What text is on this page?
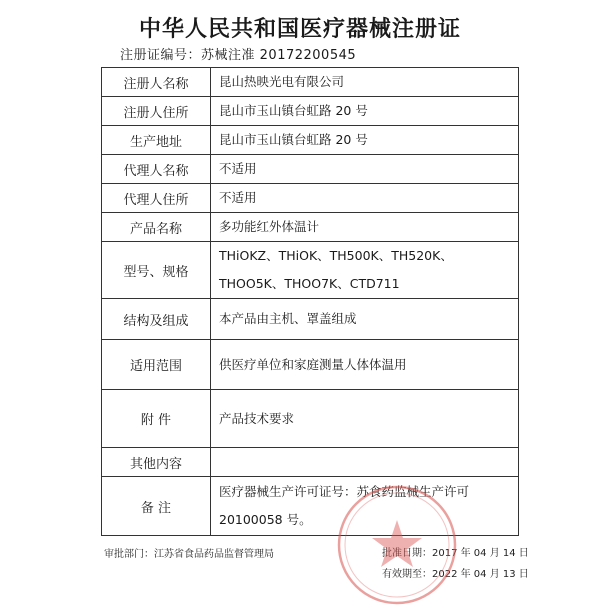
中华人民共和国医疗器械注册证
注册证编号：苏械注准 20172200545
注册人名称	昆山热映光电有限公司
注册人住所	昆山市玉山镇台虹路 20 号
生产地址	昆山市玉山镇台虹路 20 号
代理人名称	不适用
代理人住所	不适用
产品名称	多功能红外体温计
型号、规格	THiOKZ、THiOK、TH500K、TH520K、THOO5K、THOO7K、CTD711
结构及组成	本产品由主机、罩盖组成
适用范围	供医疗单位和家庭测量人体体温用
附 件	产品技术要求
其他内容	
备 注	医疗器械生产许可证号：苏食药监械生产许可 20100058 号。
审批部门：江苏省食品药品监督管理局	批准日期：2017 年 04 月 14 日
有效期至：2022 年 04 月 13 日
